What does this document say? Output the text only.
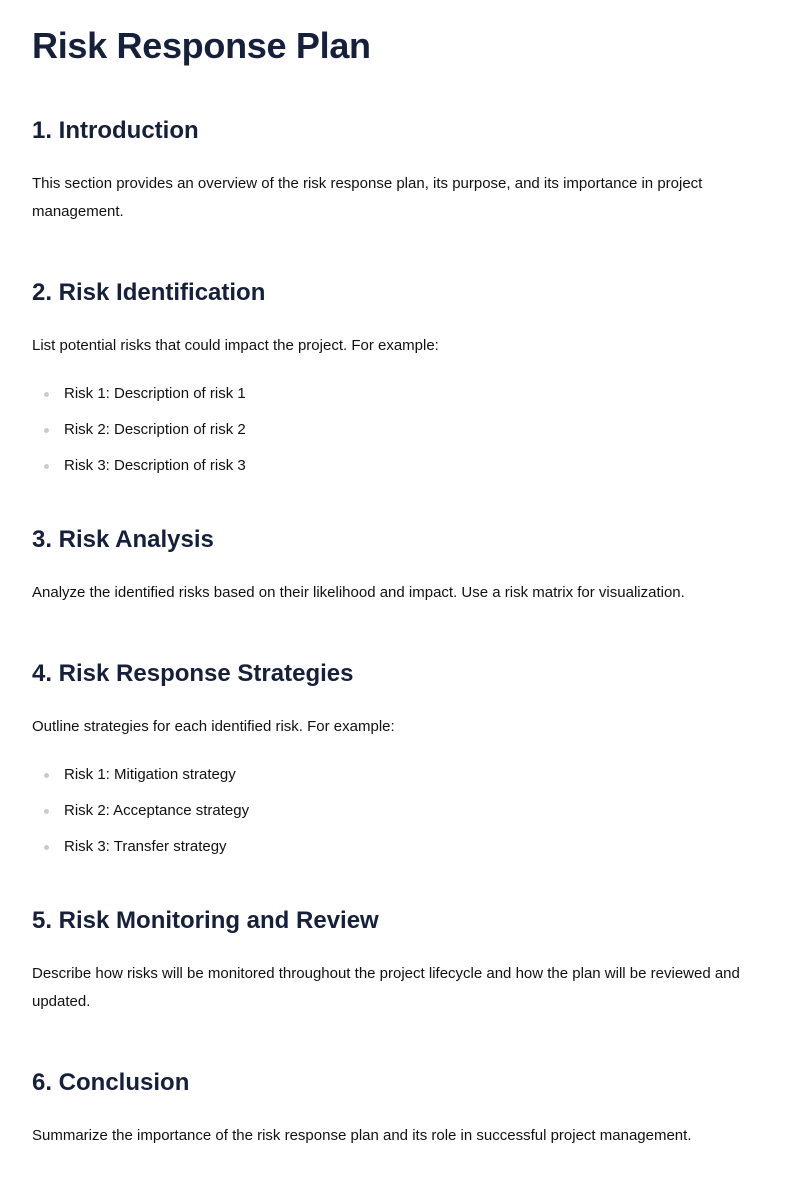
Risk Response Plan
1. Introduction

This section provides an overview of the risk response plan, its purpose, and its importance in project management.

2. Risk Identification

List potential risks that could impact the project. For example:

Risk 1: Description of risk 1
Risk 2: Description of risk 2
Risk 3: Description of risk 3
3. Risk Analysis

Analyze the identified risks based on their likelihood and impact. Use a risk matrix for visualization.

4. Risk Response Strategies

Outline strategies for each identified risk. For example:

Risk 1: Mitigation strategy
Risk 2: Acceptance strategy
Risk 3: Transfer strategy
5. Risk Monitoring and Review

Describe how risks will be monitored throughout the project lifecycle and how the plan will be reviewed and updated.

6. Conclusion

Summarize the importance of the risk response plan and its role in successful project management.
